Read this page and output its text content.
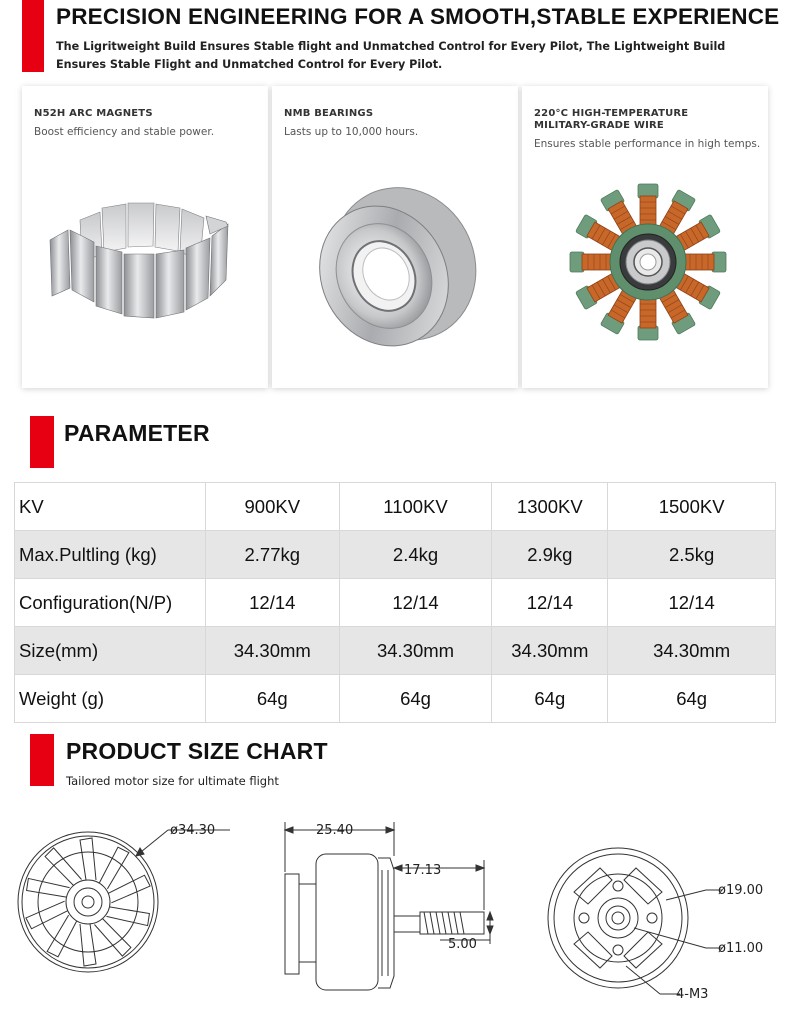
PRECISION ENGINEERING FOR A SMOOTH,STABLE EXPERIENCE
The Ligritweight Build Ensures Stable flight and Unmatched Control for Every Pilot, The Lightweight Build Ensures Stable Flight and Unmatched Control for Every Pilot.
N52H ARC MAGNETS
Boost efficiency and stable power.
NMB BEARINGS
Lasts up to 10,000 hours.
220°C HIGH-TEMPERATURE
MILITARY-GRADE WIRE
Ensures stable performance in high temps.
PARAMETER
KV	900KV	1100KV	1300KV	1500KV
Max.Pultling (kg)	2.77kg	2.4kg	2.9kg	2.5kg
Configuration(N/P)	12/14	12/14	12/14	12/14
Size(mm)	34.30mm	34.30mm	34.30mm	34.30mm
Weight (g)	64g	64g	64g	64g
PRODUCT SIZE CHART
Tailored motor size for ultimate flight
ø34.30	25.40
17.13
5.00
ø19.00
ø11.00
4-M3
